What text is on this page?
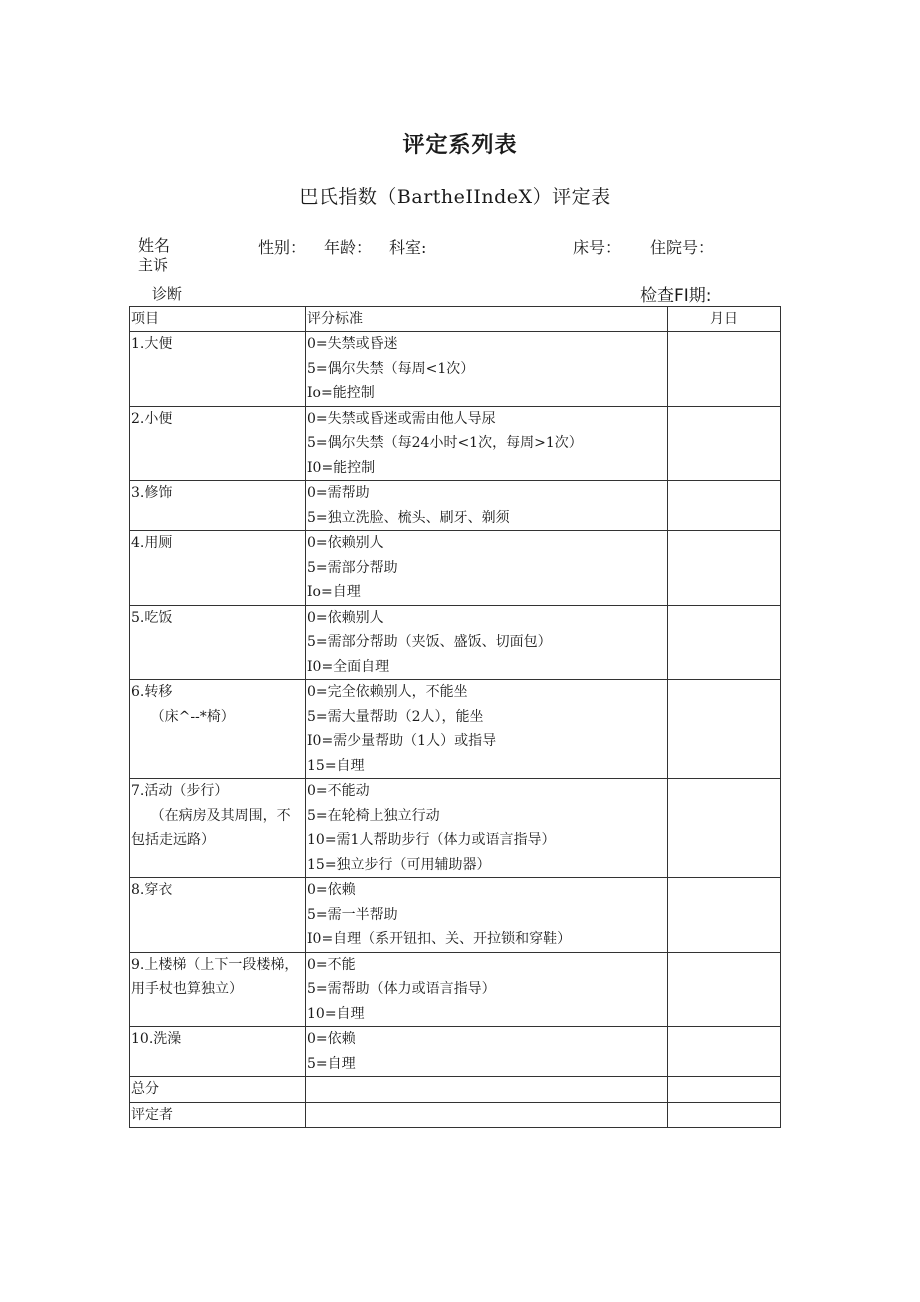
评定系列表
巴氏指数（BartheIIndeX）评定表
姓名
主诉
诊断
性别： 年龄： 科室:	床号： 住院号：
检查FI期:
项目	评分标准	月日
1.大便	0=失禁或昏迷
5=偶尔失禁（每周<1次）
Io=能控制	

2.小便	0=失禁或昏迷或需由他人导尿
5=偶尔失禁（每24小时<1次，每周>1次）
I0=能控制	

3.修饰	0=需帮助
5=独立洗脸、梳头、刷牙、剃须	

4.用厕	0=依赖别人
5=需部分帮助
Io=自理	

5.吃饭	0=依赖别人
5=需部分帮助（夹饭、盛饭、切面包）
I0=全面自理	

6.转移
（床^--*椅）	0=完全依赖别人，不能坐
5=需大量帮助（2人），能坐
I0=需少量帮助（1人）或指导
15=自理	

7.活动（步行）
（在病房及其周围，不包括走远路）	0=不能动
5=在轮椅上独立行动
10=需1人帮助步行（体力或语言指导）
15=独立步行（可用辅助器）	

8.穿衣	0=依赖
5=需一半帮助
I0=自理（系开钮扣、关、开拉锁和穿鞋）	

9.上楼梯（上下一段楼梯，用手杖也算独立）	0=不能
5=需帮助（体力或语言指导）
10=自理	

10.洗澡	0=依赖
5=自理	

总分		
评定者		
